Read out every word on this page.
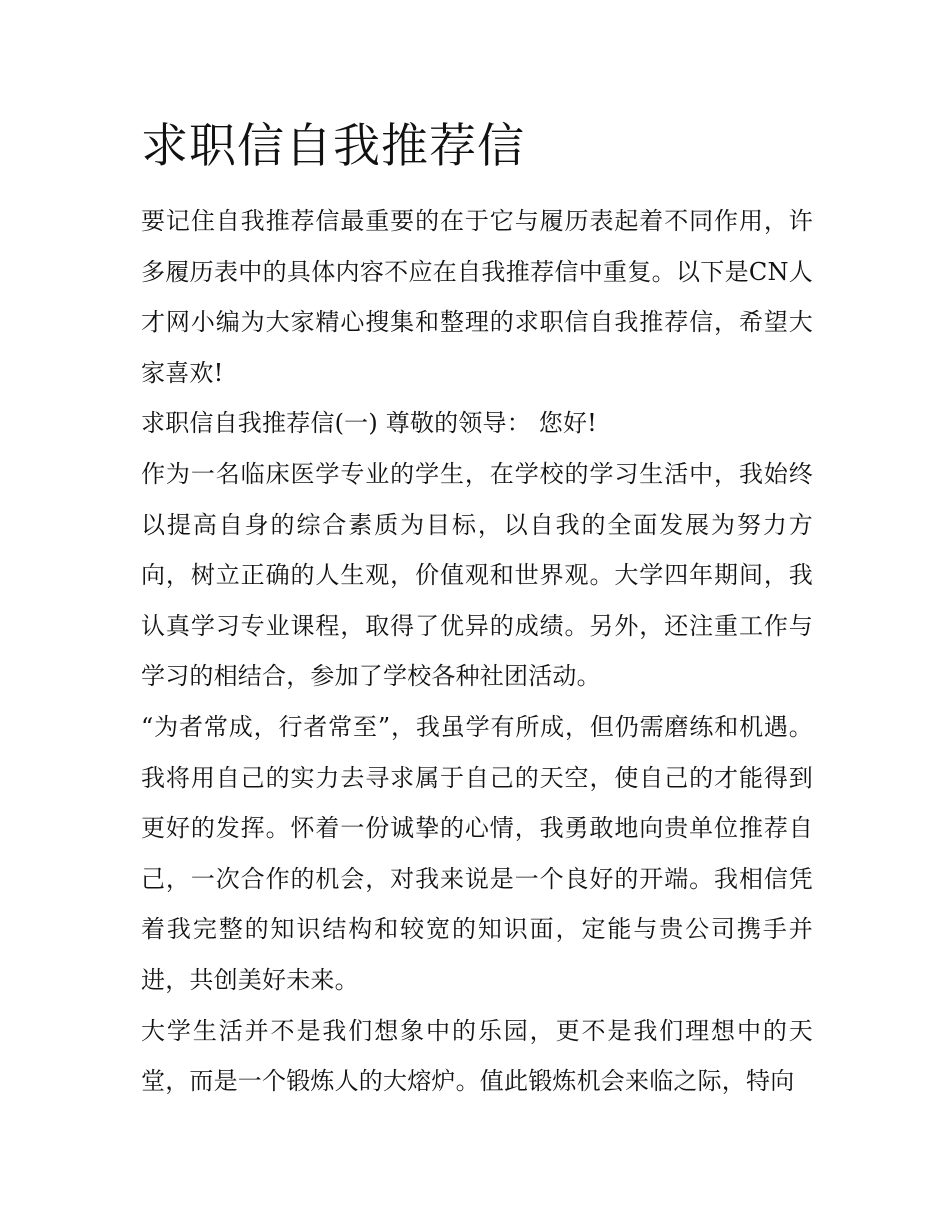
求职信自我推荐信

要记住自我推荐信最重要的在于它与履历表起着不同作用，许多履历表中的具体内容不应在自我推荐信中重复。以下是CN人才网小编为大家精心搜集和整理的求职信自我推荐信，希望大家喜欢!

求职信自我推荐信(一) 尊敬的领导： 您好!

作为一名临床医学专业的学生，在学校的学习生活中，我始终以提高自身的综合素质为目标，以自我的全面发展为努力方向，树立正确的人生观，价值观和世界观。大学四年期间，我认真学习专业课程，取得了优异的成绩。另外，还注重工作与学习的相结合，参加了学校各种社团活动。

“为者常成，行者常至”，我虽学有所成，但仍需磨练和机遇。我将用自己的实力去寻求属于自己的天空，使自己的才能得到更好的发挥。怀着一份诚挚的心情，我勇敢地向贵单位推荐自己，一次合作的机会，对我来说是一个良好的开端。我相信凭着我完整的知识结构和较宽的知识面，定能与贵公司携手并进，共创美好未来。

大学生活并不是我们想象中的乐园，更不是我们理想中的天堂，而是一个锻炼人的大熔炉。值此锻炼机会来临之际，特向
